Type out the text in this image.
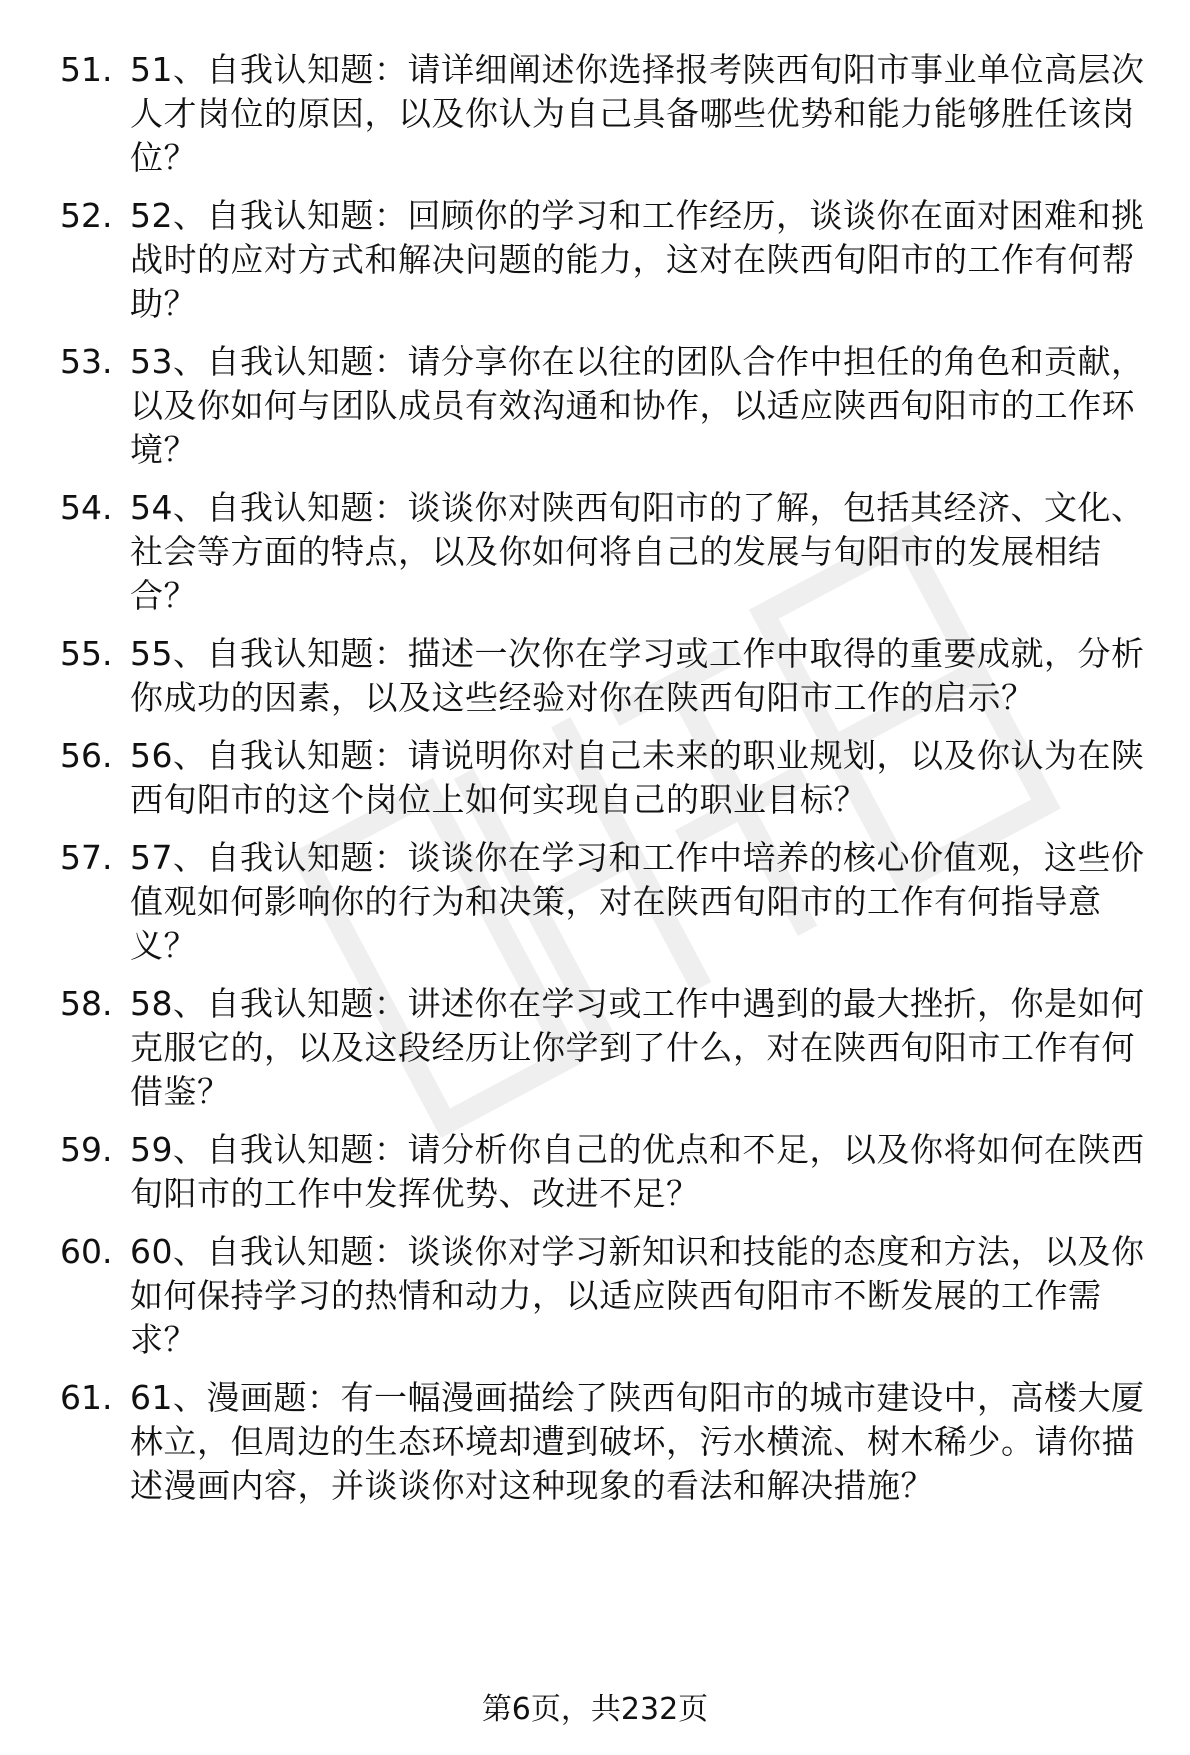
51. 51、自我认知题：请详细阐述你选择报考陕西旬阳市事业单位高层次人才岗位的原因，以及你认为自己具备哪些优势和能力能够胜任该岗位？
52. 52、自我认知题：回顾你的学习和工作经历，谈谈你在面对困难和挑战时的应对方式和解决问题的能力，这对在陕西旬阳市的工作有何帮助？
53. 53、自我认知题：请分享你在以往的团队合作中担任的角色和贡献，以及你如何与团队成员有效沟通和协作，以适应陕西旬阳市的工作环境？
54. 54、自我认知题：谈谈你对陕西旬阳市的了解，包括其经济、文化、社会等方面的特点，以及你如何将自己的发展与旬阳市的发展相结合？
55. 55、自我认知题：描述一次你在学习或工作中取得的重要成就，分析你成功的因素，以及这些经验对你在陕西旬阳市工作的启示？
56. 56、自我认知题：请说明你对自己未来的职业规划，以及你认为在陕西旬阳市的这个岗位上如何实现自己的职业目标？
57. 57、自我认知题：谈谈你在学习和工作中培养的核心价值观，这些价值观如何影响你的行为和决策，对在陕西旬阳市的工作有何指导意义？
58. 58、自我认知题：讲述你在学习或工作中遇到的最大挫折，你是如何克服它的，以及这段经历让你学到了什么，对在陕西旬阳市工作有何借鉴？
59. 59、自我认知题：请分析你自己的优点和不足，以及你将如何在陕西旬阳市的工作中发挥优势、改进不足？
60. 60、自我认知题：谈谈你对学习新知识和技能的态度和方法，以及你如何保持学习的热情和动力，以适应陕西旬阳市不断发展的工作需求？
61. 61、漫画题：有一幅漫画描绘了陕西旬阳市的城市建设中，高楼大厦林立，但周边的生态环境却遭到破坏，污水横流、树木稀少。请你描述漫画内容，并谈谈你对这种现象的看法和解决措施？
第6页，共232页
